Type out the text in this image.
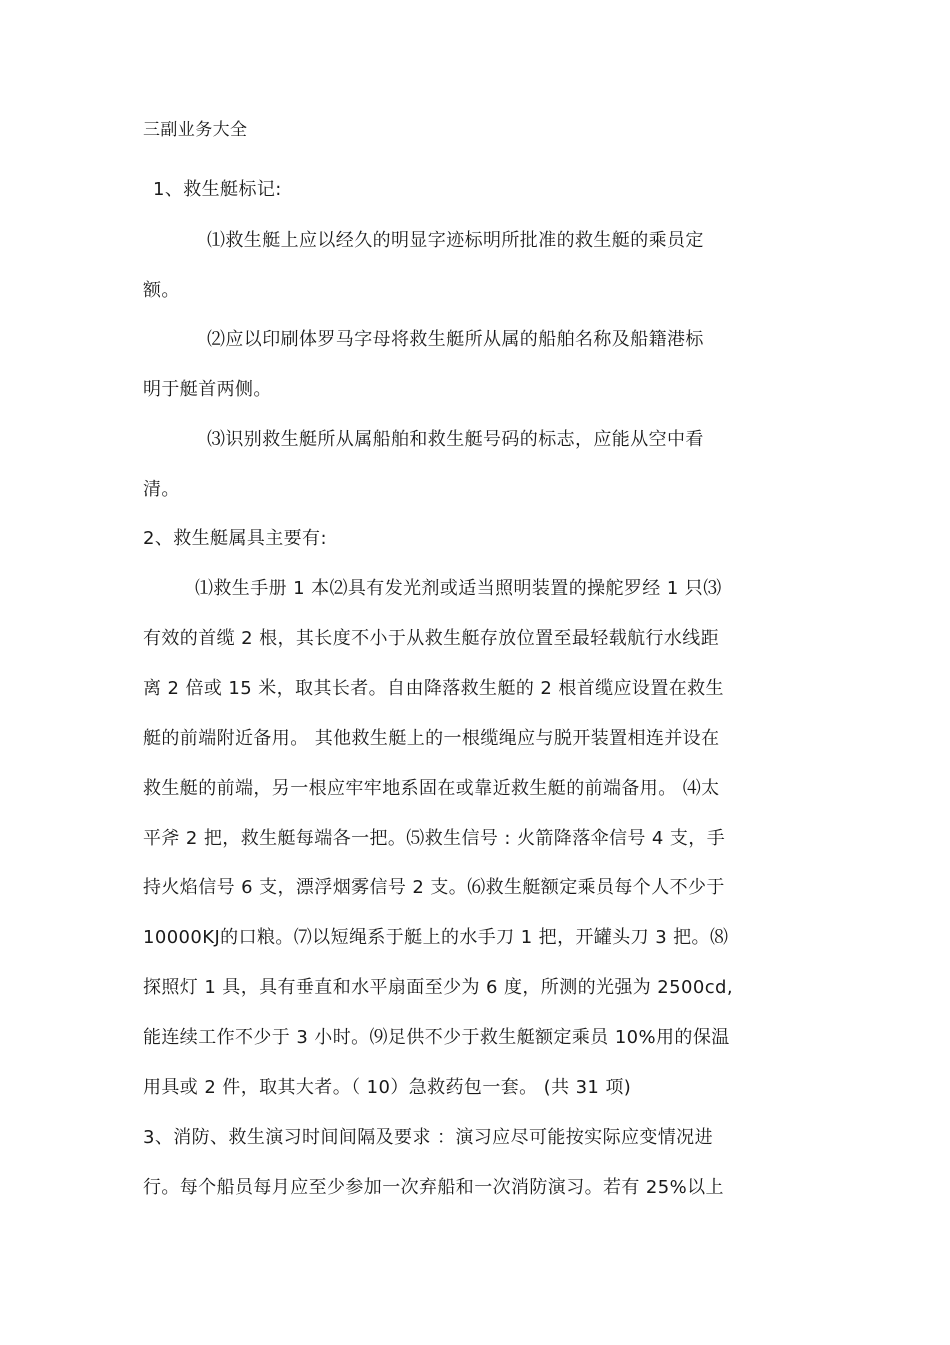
三副业务大全
1、救生艇标记:
⑴救生艇上应以经久的明显字迹标明所批准的救生艇的乘员定
额。
⑵应以印刷体罗马字母将救生艇所从属的船舶名称及船籍港标
明于艇首两侧。
⑶识别救生艇所从属船舶和救生艇号码的标志，应能从空中看
清。
2、救生艇属具主要有:
⑴救生手册 1 本⑵具有发光剂或适当照明装置的操舵罗经 1 只⑶
有效的首缆 2 根，其长度不小于从救生艇存放位置至最轻载航行水线距
离 2 倍或 15 米，取其长者。自由降落救生艇的 2 根首缆应设置在救生
艇的前端附近备用。 其他救生艇上的一根缆绳应与脱开装置相连并设在
救生艇的前端，另一根应牢牢地系固在或靠近救生艇的前端备用。 ⑷太
平斧 2 把，救生艇每端各一把。⑸救生信号 : 火箭降落伞信号 4 支，手
持火焰信号 6 支，漂浮烟雾信号 2 支。⑹救生艇额定乘员每个人不少于
10000KJ的口粮。⑺以短绳系于艇上的水手刀 1 把，开罐头刀 3 把。⑻
探照灯 1 具，具有垂直和水平扇面至少为 6 度，所测的光强为 2500cd,
能连续工作不少于 3 小时。⑼足供不少于救生艇额定乘员 10%用的保温
用具或 2 件，取其大者。（ 10）急救药包一套。 (共 31 项)
3、消防、救生演习时间间隔及要求 ：演习应尽可能按实际应变情况进
行。每个船员每月应至少参加一次弃船和一次消防演习。若有 25%以上
